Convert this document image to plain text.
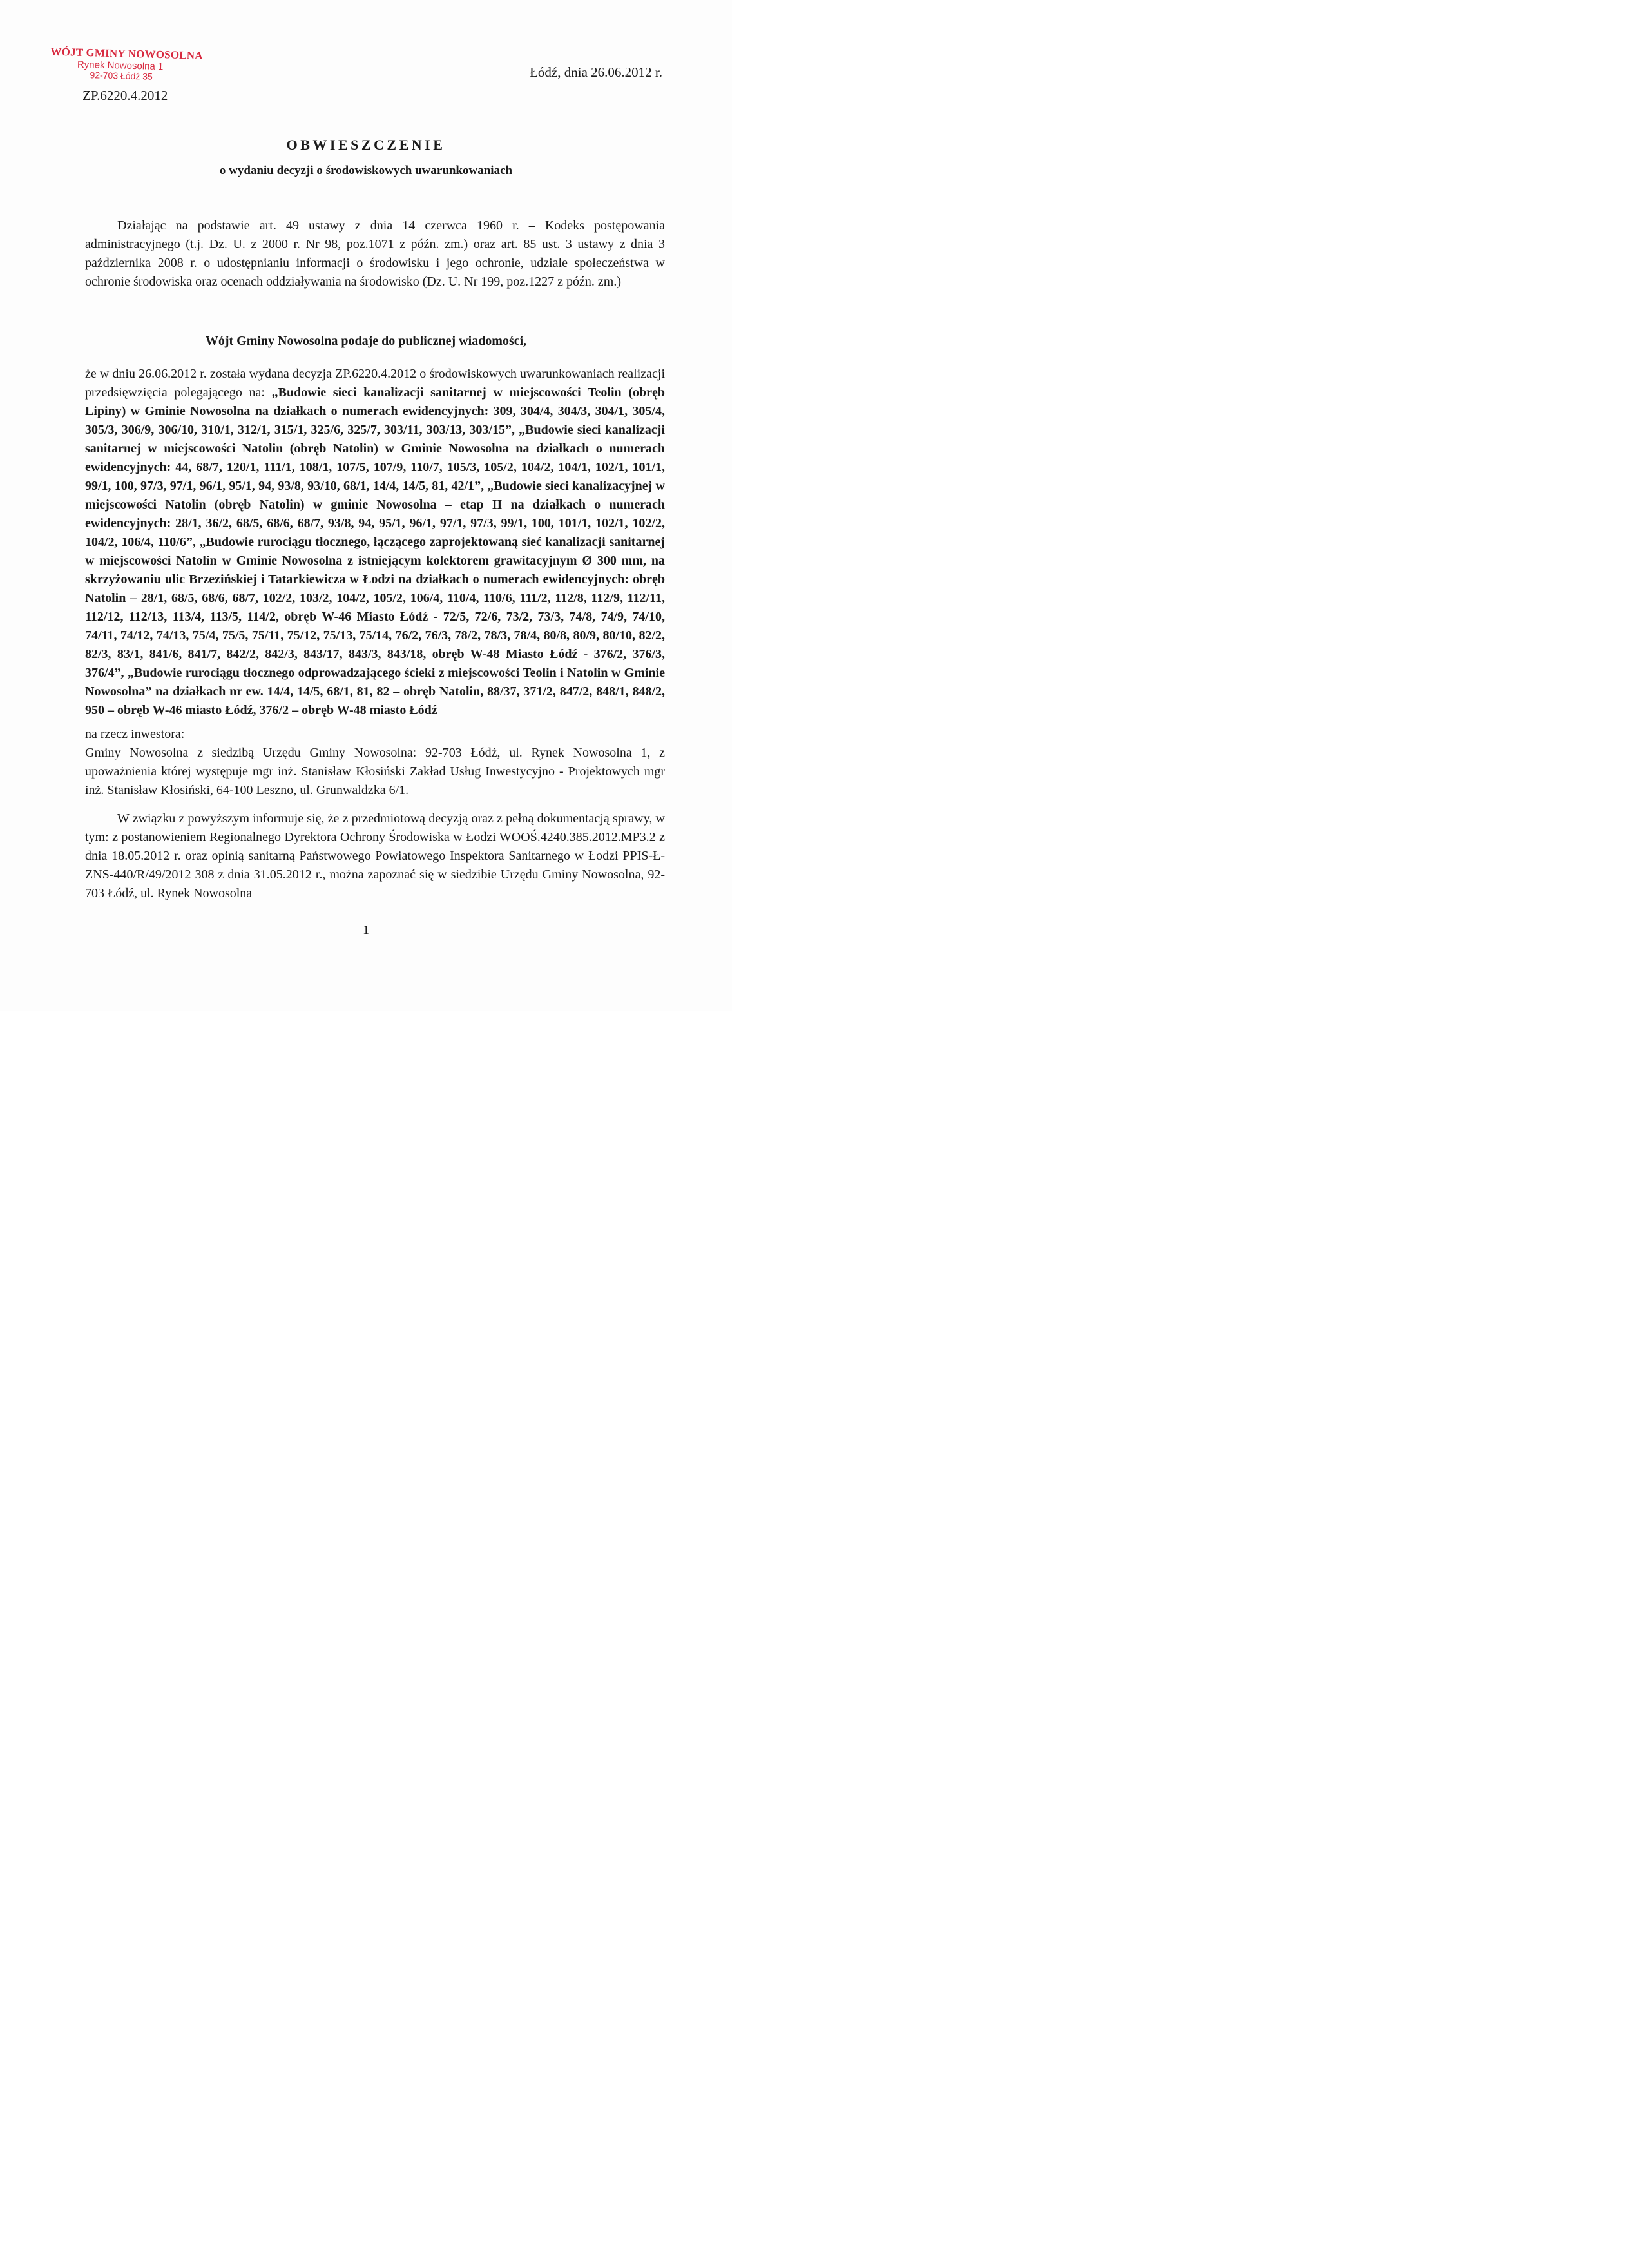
WÓJT GMINY NOWOSOLNA
Rynek Nowosolna 1
92-703 Łódź 35
ZP.6220.4.2012
Łódź, dnia 26.06.2012 r.
OBWIESZCZENIE
o wydaniu decyzji o środowiskowych uwarunkowaniach

Działając na podstawie art. 49 ustawy z dnia 14 czerwca 1960 r. – Kodeks postępowania administracyjnego (t.j. Dz. U. z 2000 r. Nr 98, poz.1071 z późn. zm.) oraz art. 85 ust. 3 ustawy z dnia 3 października 2008 r. o udostępnianiu informacji o środowisku i jego ochronie, udziale społeczeństwa w ochronie środowiska oraz ocenach oddziaływania na środowisko (Dz. U. Nr 199, poz.1227 z późn. zm.)

Wójt Gminy Nowosolna podaje do publicznej wiadomości,

że w dniu 26.06.2012 r. została wydana decyzja ZP.6220.4.2012 o środowiskowych uwarunkowaniach realizacji przedsięwzięcia polegającego na: „Budowie sieci kanalizacji sanitarnej w miejscowości Teolin (obręb Lipiny) w Gminie Nowosolna na działkach o numerach ewidencyjnych: 309, 304/4, 304/3, 304/1, 305/4, 305/3, 306/9, 306/10, 310/1, 312/1, 315/1, 325/6, 325/7, 303/11, 303/13, 303/15”, „Budowie sieci kanalizacji sanitarnej w miejscowości Natolin (obręb Natolin) w Gminie Nowosolna na działkach o numerach ewidencyjnych: 44, 68/7, 120/1, 111/1, 108/1, 107/5, 107/9, 110/7, 105/3, 105/2, 104/2, 104/1, 102/1, 101/1, 99/1, 100, 97/3, 97/1, 96/1, 95/1, 94, 93/8, 93/10, 68/1, 14/4, 14/5, 81, 42/1”, „Budowie sieci kanalizacyjnej w miejscowości Natolin (obręb Natolin) w gminie Nowosolna – etap II na działkach o numerach ewidencyjnych: 28/1, 36/2, 68/5, 68/6, 68/7, 93/8, 94, 95/1, 96/1, 97/1, 97/3, 99/1, 100, 101/1, 102/1, 102/2, 104/2, 106/4, 110/6”, „Budowie rurociągu tłocznego, łączącego zaprojektowaną sieć kanalizacji sanitarnej w miejscowości Natolin w Gminie Nowosolna z istniejącym kolektorem grawitacyjnym Ø 300 mm, na skrzyżowaniu ulic Brzezińskiej i Tatarkiewicza w Łodzi na działkach o numerach ewidencyjnych: obręb Natolin – 28/1, 68/5, 68/6, 68/7, 102/2, 103/2, 104/2, 105/2, 106/4, 110/4, 110/6, 111/2, 112/8, 112/9, 112/11, 112/12, 112/13, 113/4, 113/5, 114/2, obręb W-46 Miasto Łódź - 72/5, 72/6, 73/2, 73/3, 74/8, 74/9, 74/10, 74/11, 74/12, 74/13, 75/4, 75/5, 75/11, 75/12, 75/13, 75/14, 76/2, 76/3, 78/2, 78/3, 78/4, 80/8, 80/9, 80/10, 82/2, 82/3, 83/1, 841/6, 841/7, 842/2, 842/3, 843/17, 843/3, 843/18, obręb W-48 Miasto Łódź - 376/2, 376/3, 376/4”, „Budowie rurociągu tłocznego odprowadzającego ścieki z miejscowości Teolin i Natolin w Gminie Nowosolna” na działkach nr ew. 14/4, 14/5, 68/1, 81, 82 – obręb Natolin, 88/37, 371/2, 847/2, 848/1, 848/2, 950 – obręb W-46 miasto Łódź, 376/2 – obręb W-48 miasto Łódź

na rzecz inwestora:

Gminy Nowosolna z siedzibą Urzędu Gminy Nowosolna: 92-703 Łódź, ul. Rynek Nowosolna 1, z upoważnienia której występuje mgr inż. Stanisław Kłosiński Zakład Usług Inwestycyjno - Projektowych mgr inż. Stanisław Kłosiński, 64-100 Leszno, ul. Grunwaldzka 6/1.

W związku z powyższym informuje się, że z przedmiotową decyzją oraz z pełną dokumentacją sprawy, w tym: z postanowieniem Regionalnego Dyrektora Ochrony Środowiska w Łodzi WOOŚ.4240.385.2012.MP3.2 z dnia 18.05.2012 r. oraz opinią sanitarną Państwowego Powiatowego Inspektora Sanitarnego w Łodzi PPIS-Ł-ZNS-440/R/49/2012 308 z dnia 31.05.2012 r., można zapoznać się w siedzibie Urzędu Gminy Nowosolna, 92-703 Łódź, ul. Rynek Nowosolna

1
